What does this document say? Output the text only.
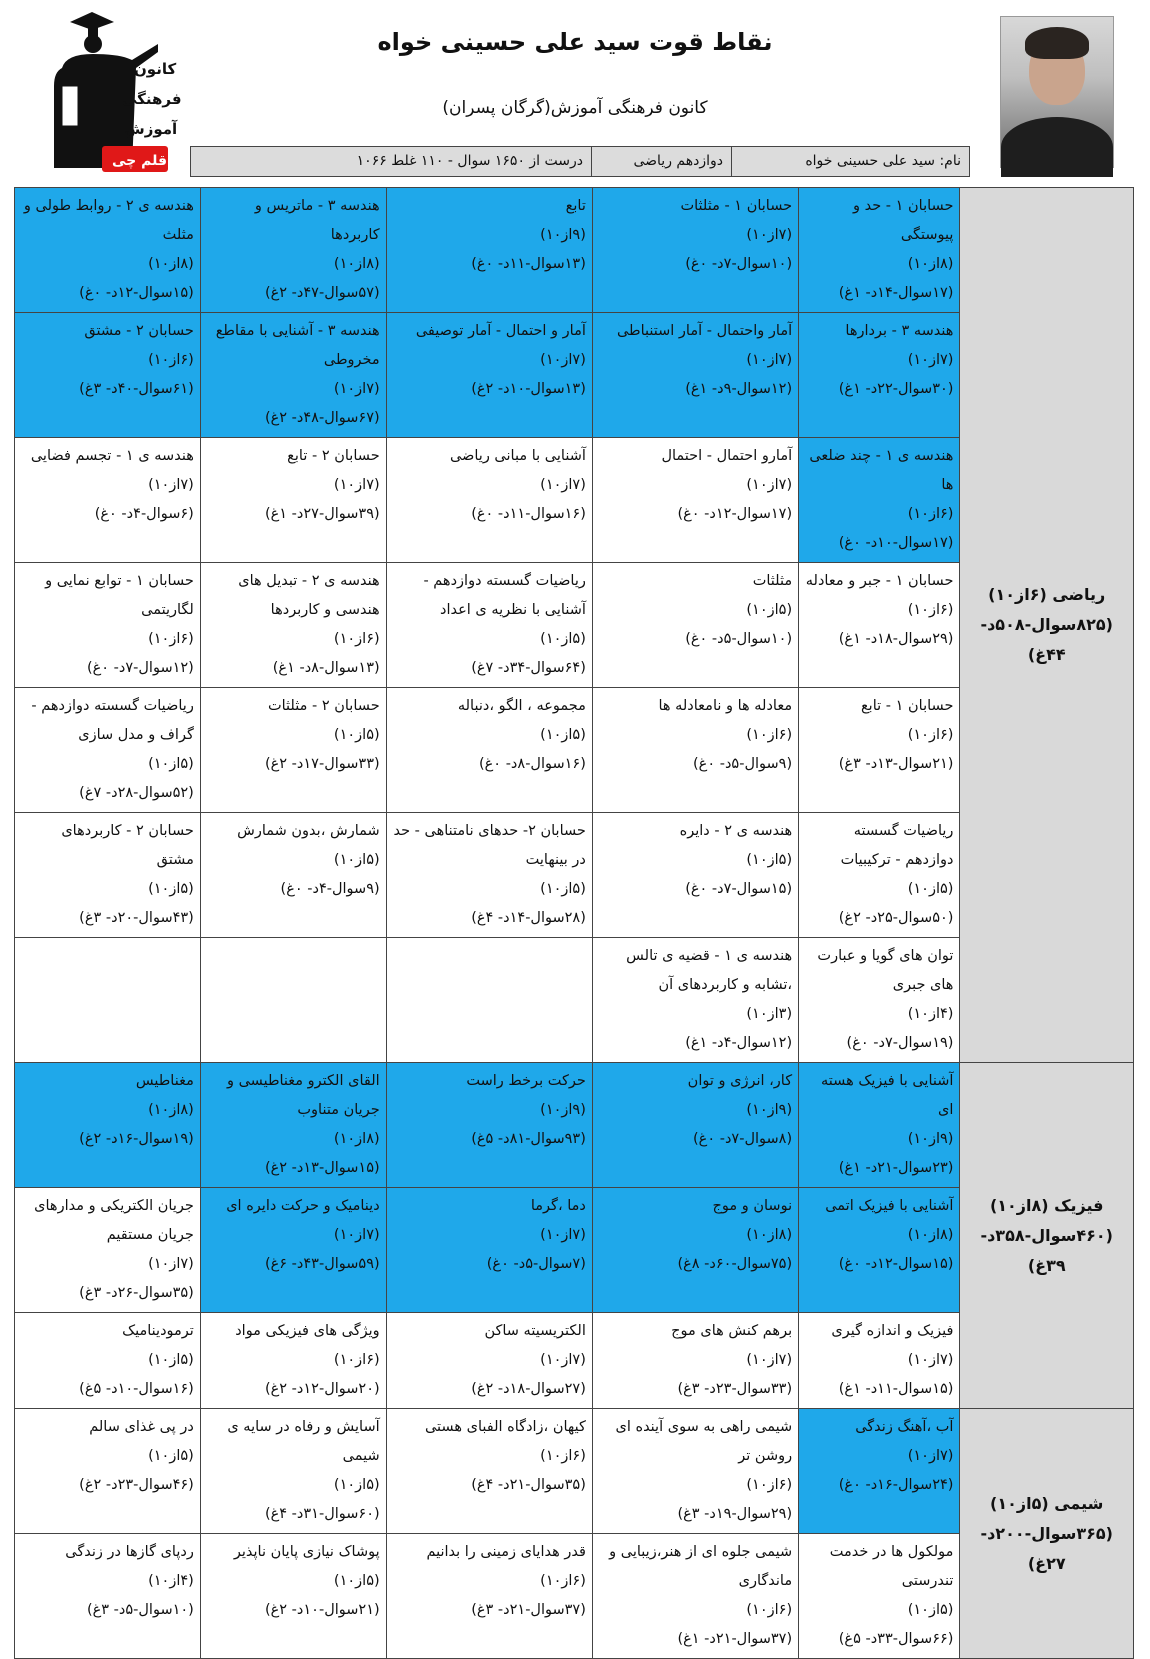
کانون
فرهنگی
آموزش
قلم چی
نقاط قوت سید علی حسینی خواه
کانون فرهنگی آموزش(گرگان پسران)
نام: سید علی حسینی خواه
دوازدهم ریاضی
۱۰۶۶ درست از ۱۶۵۰ سوال - ۱۱۰ غلط
ریاضی (۶از۱۰) (۸۲۵سوال-۵۰۸د- ۴۴غ)	حسابان ۱ - حد و پیوستگی
(۸از۱۰)
(۱۷سوال-۱۴د- ۱غ)	حسابان ۱ - مثلثات
(۷از۱۰)
(۱۰سوال-۷د- ۰غ)	تابع
(۹از۱۰)
(۱۳سوال-۱۱د- ۰غ)	هندسه ۳ - ماتریس و کاربردها
(۸از۱۰)
(۵۷سوال-۴۷د- ۲غ)	هندسه ی ۲ - روابط طولی و مثلث
(۸از۱۰)
(۱۵سوال-۱۲د- ۰غ)

	هندسه ۳ - بردارها
(۷از۱۰)
(۳۰سوال-۲۲د- ۱غ)	آمار واحتمال - آمار استنباطی
(۷از۱۰)
(۱۲سوال-۹د- ۱غ)	آمار و احتمال - آمار توصیفی
(۷از۱۰)
(۱۳سوال-۱۰د- ۲غ)	هندسه ۳ - آشنایی با مقاطع مخروطی
(۷از۱۰)
(۶۷سوال-۴۸د- ۲غ)	حسابان ۲ - مشتق
(۶از۱۰)
(۶۱سوال-۴۰د- ۳غ)

	هندسه ی ۱ - چند ضلعی ها
(۶از۱۰)
(۱۷سوال-۱۰د- ۰غ)	آمارو احتمال - احتمال
(۷از۱۰)
(۱۷سوال-۱۲د- ۰غ)	آشنایی با مبانی ریاضی
(۷از۱۰)
(۱۶سوال-۱۱د- ۰غ)	حسابان ۲ - تابع
(۷از۱۰)
(۳۹سوال-۲۷د- ۱غ)	هندسه ی ۱ - تجسم فضایی
(۷از۱۰)
(۶سوال-۴د- ۰غ)

	حسابان ۱ - جبر و معادله
(۶از۱۰)
(۲۹سوال-۱۸د- ۱غ)	مثلثات
(۵از۱۰)
(۱۰سوال-۵د- ۰غ)	ریاضیات گسسته دوازدهم - آشنایی با نظریه ی اعداد
(۵از۱۰)
(۶۴سوال-۳۴د- ۷غ)	هندسه ی ۲ - تبدیل های هندسی و کاربردها
(۶از۱۰)
(۱۳سوال-۸د- ۱غ)	حسابان ۱ - توابع نمایی و لگاریتمی
(۶از۱۰)
(۱۲سوال-۷د- ۰غ)

	حسابان ۱ - تابع
(۶از۱۰)
(۲۱سوال-۱۳د- ۳غ)	معادله ها و نامعادله ها
(۶از۱۰)
(۹سوال-۵د- ۰غ)	مجموعه ، الگو ،دنباله
(۵از۱۰)
(۱۶سوال-۸د- ۰غ)	حسابان ۲ - مثلثات
(۵از۱۰)
(۳۳سوال-۱۷د- ۲غ)	ریاضیات گسسته دوازدهم - گراف و مدل سازی
(۵از۱۰)
(۵۲سوال-۲۸د- ۷غ)

	ریاضیات گسسته دوازدهم - ترکیبیات
(۵از۱۰)
(۵۰سوال-۲۵د- ۲غ)	هندسه ی ۲ - دایره
(۵از۱۰)
(۱۵سوال-۷د- ۰غ)	حسابان ۲- حدهای نامتناهی - حد در بینهایت
(۵از۱۰)
(۲۸سوال-۱۴د- ۴غ)	شمارش ،بدون شمارش
(۵از۱۰)
(۹سوال-۴د- ۰غ)	حسابان ۲ - کاربردهای مشتق
(۵از۱۰)
(۴۳سوال-۲۰د- ۳غ)

	توان های گویا و عبارت های جبری
(۴از۱۰)
(۱۹سوال-۷د- ۰غ)	هندسه ی ۱ - قضیه ی تالس ،تشابه و کاربردهای آن
(۳از۱۰)
(۱۲سوال-۴د- ۱غ)			

فیزیک (۸از۱۰) (۴۶۰سوال-۳۵۸د- ۳۹غ)	آشنایی با فیزیک هسته ای
(۹از۱۰)
(۲۳سوال-۲۱د- ۱غ)	کار، انرژی و توان
(۹از۱۰)
(۸سوال-۷د- ۰غ)	حرکت برخط راست
(۹از۱۰)
(۹۳سوال-۸۱د- ۵غ)	القای الکترو مغناطیسی و جریان متناوب
(۸از۱۰)
(۱۵سوال-۱۳د- ۲غ)	مغناطیس
(۸از۱۰)
(۱۹سوال-۱۶د- ۲غ)

	آشنایی با فیزیک اتمی
(۸از۱۰)
(۱۵سوال-۱۲د- ۰غ)	نوسان و موج
(۸از۱۰)
(۷۵سوال-۶۰د- ۸غ)	دما ،گرما
(۷از۱۰)
(۷سوال-۵د- ۰غ)	دینامیک و حرکت دایره ای
(۷از۱۰)
(۵۹سوال-۴۳د- ۶غ)	جریان الکتریکی و مدارهای جریان مستقیم
(۷از۱۰)
(۳۵سوال-۲۶د- ۳غ)

	فیزیک و اندازه گیری
(۷از۱۰)
(۱۵سوال-۱۱د- ۱غ)	برهم کنش های موج
(۷از۱۰)
(۳۳سوال-۲۳د- ۳غ)	الکتریسیته ساکن
(۷از۱۰)
(۲۷سوال-۱۸د- ۲غ)	ویژگی های فیزیکی مواد
(۶از۱۰)
(۲۰سوال-۱۲د- ۲غ)	ترمودینامیک
(۵از۱۰)
(۱۶سوال-۱۰د- ۵غ)

شیمی (۵از۱۰) (۳۶۵سوال-۲۰۰د- ۲۷غ)	آب ،آهنگ زندگی
(۷از۱۰)
(۲۴سوال-۱۶د- ۰غ)	شیمی راهی به سوی آینده ای روشن تر
(۶از۱۰)
(۲۹سوال-۱۹د- ۳غ)	کیهان ،زادگاه الفبای هستی
(۶از۱۰)
(۳۵سوال-۲۱د- ۴غ)	آسایش و رفاه در سایه ی شیمی
(۵از۱۰)
(۶۰سوال-۳۱د- ۴غ)	در پی غذای سالم
(۵از۱۰)
(۴۶سوال-۲۳د- ۲غ)

	مولکول ها در خدمت تندرستی
(۵از۱۰)
(۶۶سوال-۳۳د- ۵غ)	شیمی جلوه ای از هنر،زیبایی و ماندگاری
(۶از۱۰)
(۳۷سوال-۲۱د- ۱غ)	قدر هدایای زمینی را بدانیم
(۶از۱۰)
(۳۷سوال-۲۱د- ۳غ)	پوشاک نیازی پایان ناپذیر
(۵از۱۰)
(۲۱سوال-۱۰د- ۲غ)	ردپای گازها در زندگی
(۴از۱۰)
(۱۰سوال-۵د- ۳غ)
